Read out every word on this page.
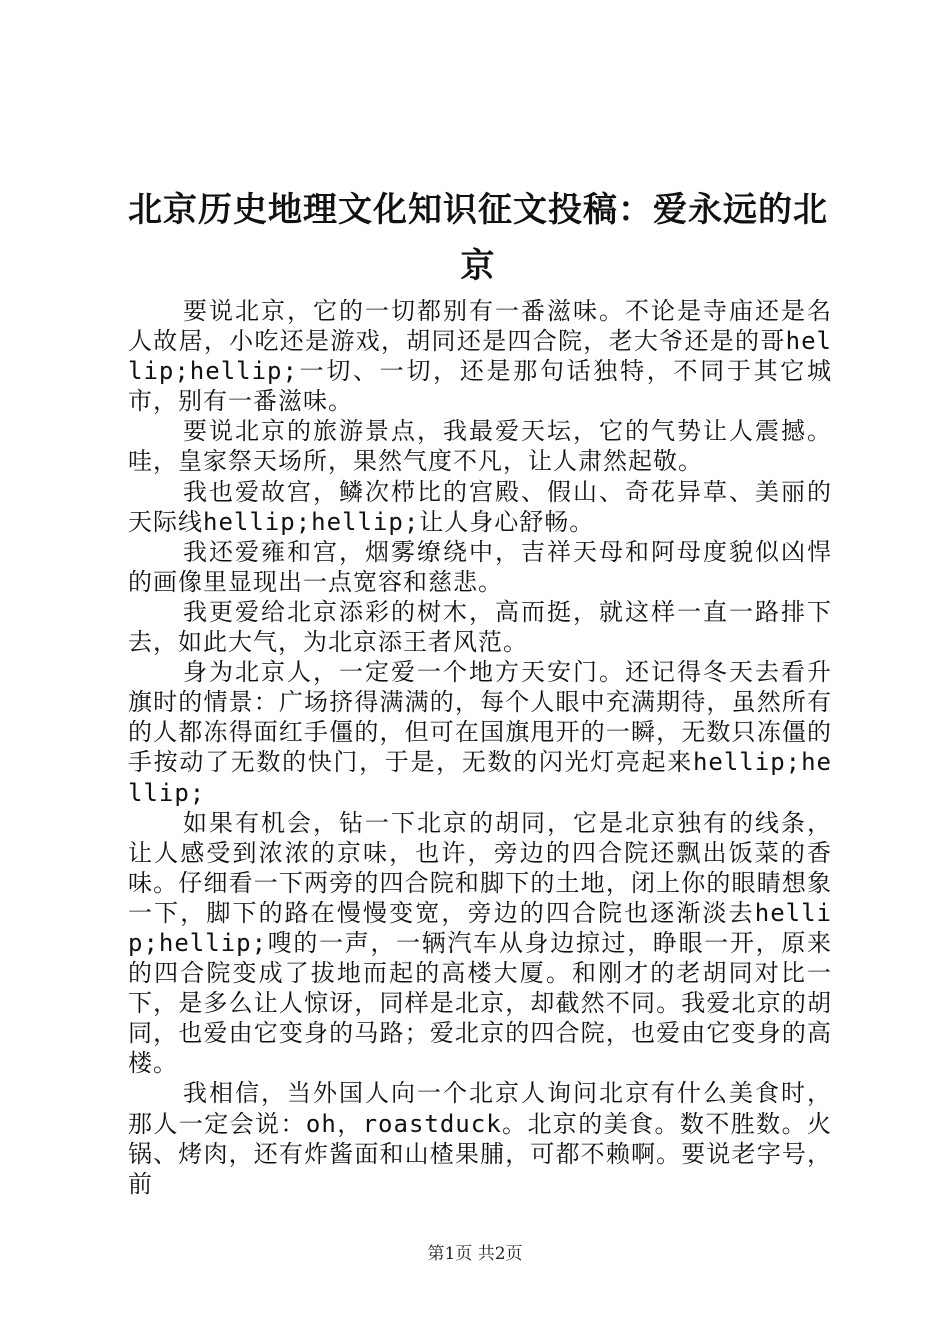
北京历史地理文化知识征文投稿：爱永远的北京

要说北京，它的一切都别有一番滋味。不论是寺庙还是名人故居，小吃还是游戏，胡同还是四合院，老大爷还是的哥hellip;hellip;一切、一切，还是那句话独特，不同于其它城市，别有一番滋味。

要说北京的旅游景点，我最爱天坛，它的气势让人震撼。哇，皇家祭天场所，果然气度不凡，让人肃然起敬。

我也爱故宫，鳞次栉比的宫殿、假山、奇花异草、美丽的天际线hellip;hellip;让人身心舒畅。

我还爱雍和宫，烟雾缭绕中，吉祥天母和阿母度貌似凶悍的画像里显现出一点宽容和慈悲。

我更爱给北京添彩的树木，高而挺，就这样一直一路排下去，如此大气，为北京添王者风范。

身为北京人，一定爱一个地方天安门。还记得冬天去看升旗时的情景：广场挤得满满的，每个人眼中充满期待，虽然所有的人都冻得面红手僵的，但可在国旗甩开的一瞬，无数只冻僵的手按动了无数的快门，于是，无数的闪光灯亮起来hellip;hellip;

如果有机会，钻一下北京的胡同，它是北京独有的线条，让人感受到浓浓的京味，也许，旁边的四合院还飘出饭菜的香味。仔细看一下两旁的四合院和脚下的土地，闭上你的眼睛想象一下，脚下的路在慢慢变宽，旁边的四合院也逐渐淡去hellip;hellip;嗖的一声，一辆汽车从身边掠过，睁眼一开，原来的四合院变成了拔地而起的高楼大厦。和刚才的老胡同对比一下，是多么让人惊讶，同样是北京，却截然不同。我爱北京的胡同，也爱由它变身的马路；爱北京的四合院，也爱由它变身的高楼。

我相信，当外国人向一个北京人询问北京有什么美食时，那人一定会说：oh，roastduck。北京的美食。数不胜数。火锅、烤肉，还有炸酱面和山楂果脯，可都不赖啊。要说老字号，前

第1页 共2页
